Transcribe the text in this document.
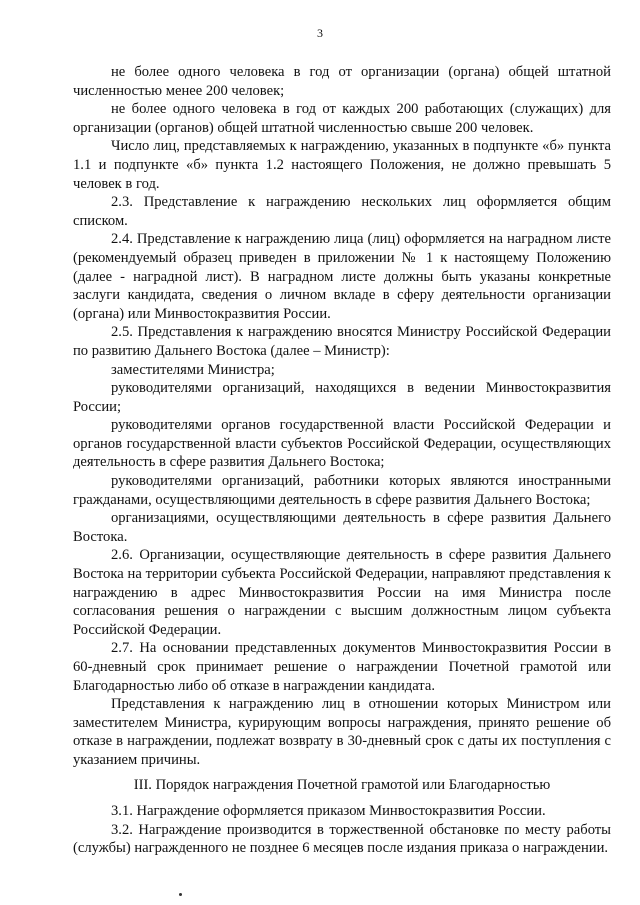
3

не более одного человека в год от организации (органа) общей штатной численностью менее 200 человек;

не более одного человека в год от каждых 200 работающих (служащих) для организации (органов) общей штатной численностью свыше 200 человек.

Число лиц, представляемых к награждению, указанных в подпункте «б» пункта 1.1 и подпункте «б» пункта 1.2 настоящего Положения, не должно превышать 5 человек в год.

2.3. Представление к награждению нескольких лиц оформляется общим списком.

2.4. Представление к награждению лица (лиц) оформляется на наградном листе (рекомендуемый образец приведен в приложении № 1 к настоящему Положению (далее - наградной лист). В наградном листе должны быть указаны конкретные заслуги кандидата, сведения о личном вкладе в сферу деятельности организации (органа) или Минвостокразвития России.

2.5. Представления к награждению вносятся Министру Российской Федерации по развитию Дальнего Востока (далее – Министр):

заместителями Министра;

руководителями организаций, находящихся в ведении Минвостокразвития России;

руководителями органов государственной власти Российской Федерации и органов государственной власти субъектов Российской Федерации, осуществляющих деятельность в сфере развития Дальнего Востока;

руководителями организаций, работники которых являются иностранными гражданами, осуществляющими деятельность в сфере развития Дальнего Востока;

организациями, осуществляющими деятельность в сфере развития Дальнего Востока.

2.6. Организации, осуществляющие деятельность в сфере развития Дальнего Востока на территории субъекта Российской Федерации, направляют представления к награждению в адрес Минвостокразвития России на имя Министра после согласования решения о награждении с высшим должностным лицом субъекта Российской Федерации.

2.7. На основании представленных документов Минвостокразвития России в 60-дневный срок принимает решение о награждении Почетной грамотой или Благодарностью либо об отказе в награждении кандидата.

Представления к награждению лиц в отношении которых Министром или заместителем Министра, курирующим вопросы награждения, принято решение об отказе в награждении, подлежат возврату в 30-дневный срок с даты их поступления с указанием причины.

III. Порядок награждения Почетной грамотой или Благодарностью

3.1. Награждение оформляется приказом Минвостокразвития России.

3.2. Награждение производится в торжественной обстановке по месту работы (службы) награжденного не позднее 6 месяцев после издания приказа о награждении.
